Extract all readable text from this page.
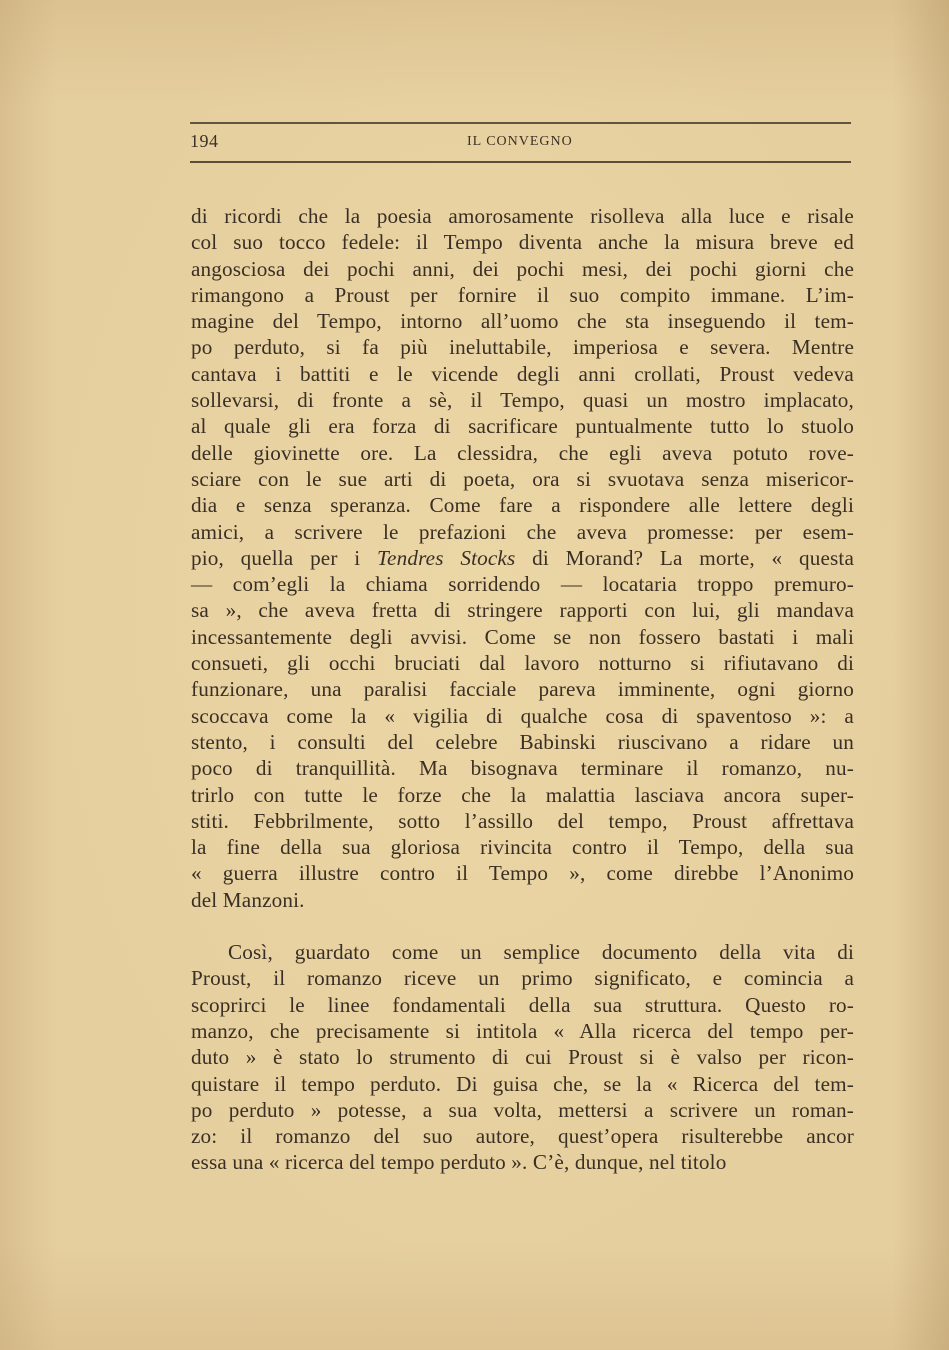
194	IL CONVEGNO
di ricordi che la poesia amorosamente risolleva alla luce e risale
col suo tocco fedele: il Tempo diventa anche la misura breve ed
angosciosa dei pochi anni, dei pochi mesi, dei pochi giorni che
rimangono a Proust per fornire il suo compito immane. L’im-
magine del Tempo, intorno all’uomo che sta inseguendo il tem-
po perduto, si fa più ineluttabile, imperiosa e severa. Mentre
cantava i battiti e le vicende degli anni crollati, Proust vedeva
sollevarsi, di fronte a sè, il Tempo, quasi un mostro implacato,
al quale gli era forza di sacrificare puntualmente tutto lo stuolo
delle giovinette ore. La clessidra, che egli aveva potuto rove-
sciare con le sue arti di poeta, ora si svuotava senza misericor-
dia e senza speranza. Come fare a rispondere alle lettere degli
amici, a scrivere le prefazioni che aveva promesse: per esem-
pio, quella per i Tendres Stocks di Morand? La morte, « questa
— com’egli la chiama sorridendo — locataria troppo premuro-
sa », che aveva fretta di stringere rapporti con lui, gli mandava
incessantemente degli avvisi. Come se non fossero bastati i mali
consueti, gli occhi bruciati dal lavoro notturno si rifiutavano di
funzionare, una paralisi facciale pareva imminente, ogni giorno
scoccava come la « vigilia di qualche cosa di spaventoso »: a
stento, i consulti del celebre Babinski riuscivano a ridare un
poco di tranquillità. Ma bisognava terminare il romanzo, nu-
trirlo con tutte le forze che la malattia lasciava ancora super-
stiti. Febbrilmente, sotto l’assillo del tempo, Proust affrettava
la fine della sua gloriosa rivincita contro il Tempo, della sua
« guerra illustre contro il Tempo », come direbbe l’Anonimo
del Manzoni.
Così, guardato come un semplice documento della vita di
Proust, il romanzo riceve un primo significato, e comincia a
scoprirci le linee fondamentali della sua struttura. Questo ro-
manzo, che precisamente si intitola « Alla ricerca del tempo per-
duto » è stato lo strumento di cui Proust si è valso per ricon-
quistare il tempo perduto. Di guisa che, se la « Ricerca del tem-
po perduto » potesse, a sua volta, mettersi a scrivere un roman-
zo: il romanzo del suo autore, quest’opera risulterebbe ancor
essa una « ricerca del tempo perduto ». C’è, dunque, nel titolo
